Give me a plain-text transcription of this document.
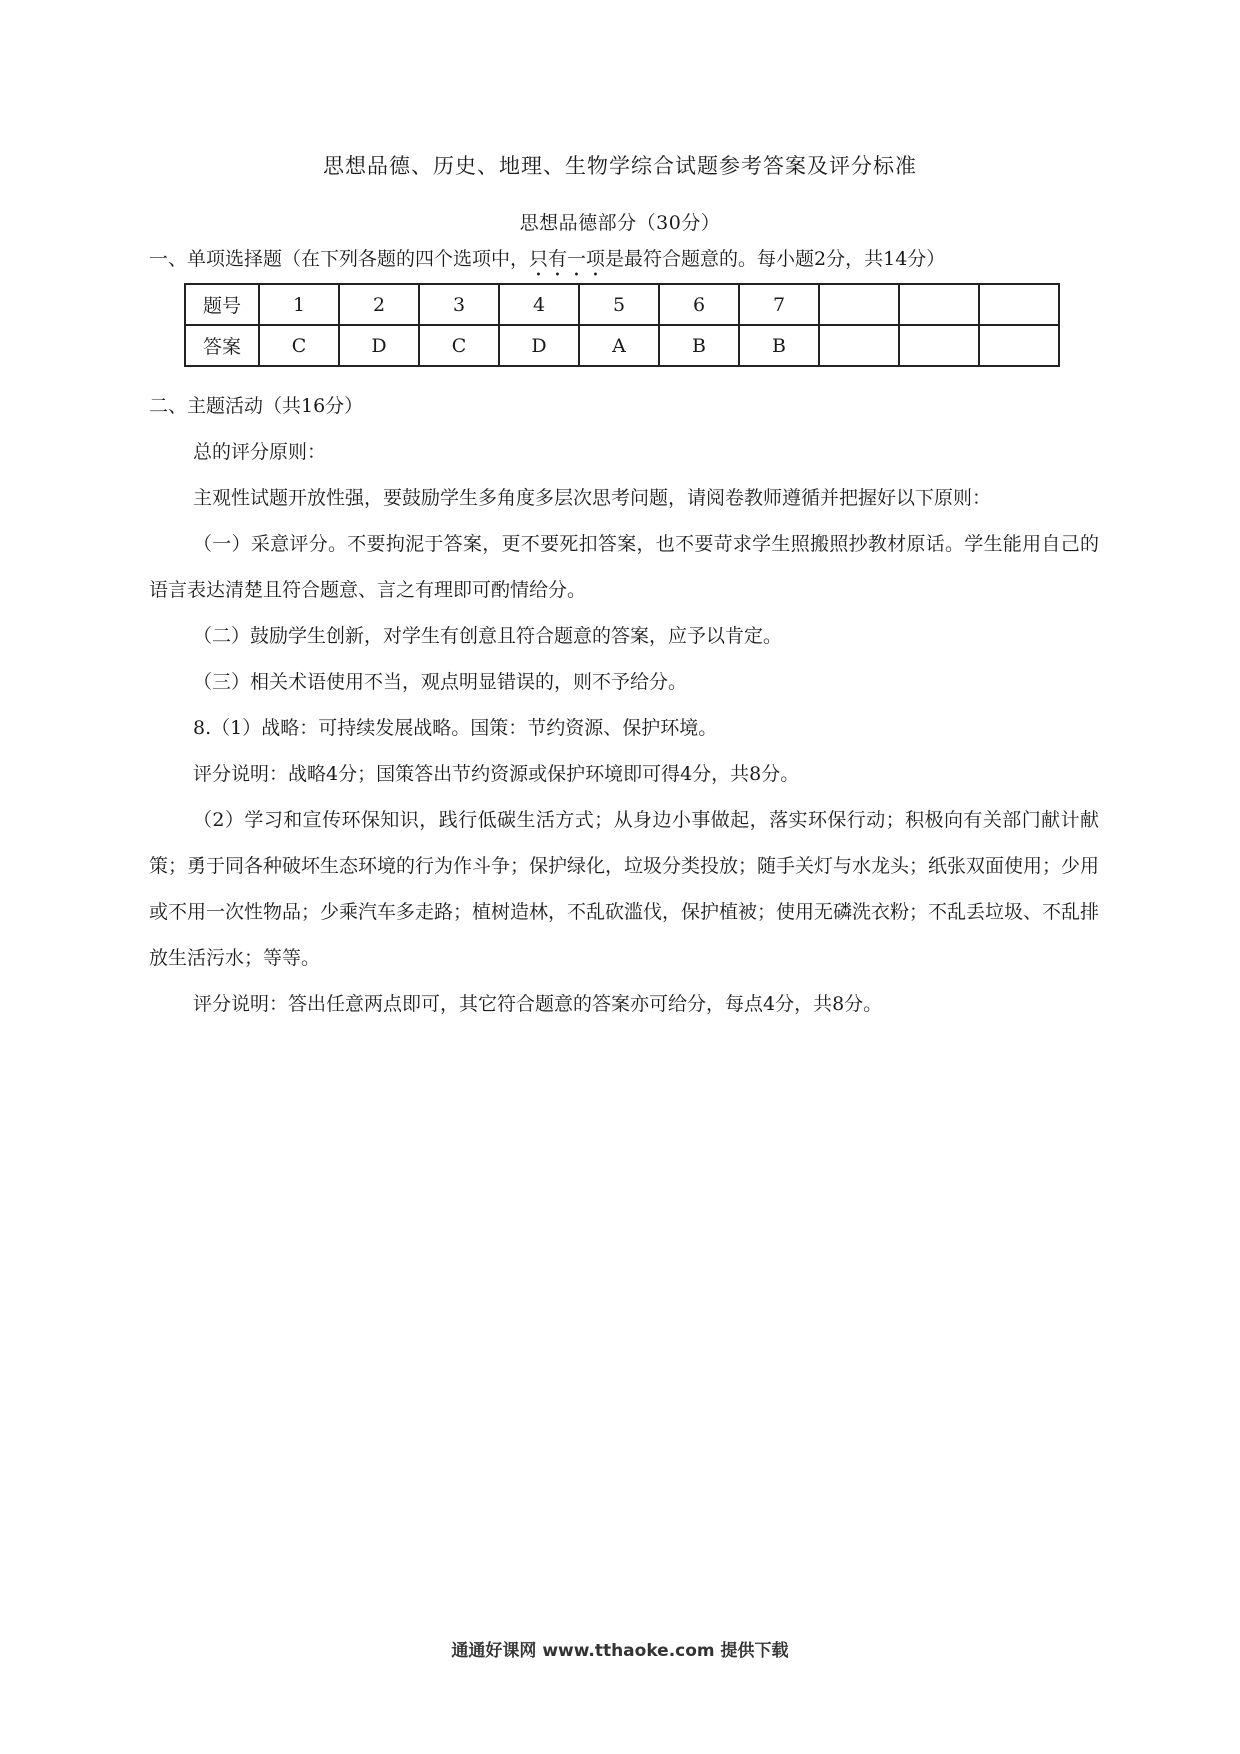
思想品德、历史、地理、生物学综合试题参考答案及评分标准
思想品德部分（30分）
一、单项选择题（在下列各题的四个选项中，只有一项是最符合题意的。每小题2分，共14分）
题号	1	2	3	4	5	6	7			
答案	C	D	C	D	A	B	B			

二、主题活动（共16分）

总的评分原则：

主观性试题开放性强，要鼓励学生多角度多层次思考问题，请阅卷教师遵循并把握好以下原则：

（一）采意评分。不要拘泥于答案，更不要死扣答案，也不要苛求学生照搬照抄教材原话。学生能用自己的语言表达清楚且符合题意、言之有理即可酌情给分。

（二）鼓励学生创新，对学生有创意且符合题意的答案，应予以肯定。

（三）相关术语使用不当，观点明显错误的，则不予给分。

8.（1）战略：可持续发展战略。国策：节约资源、保护环境。

评分说明：战略4分；国策答出节约资源或保护环境即可得4分，共8分。

（2）学习和宣传环保知识，践行低碳生活方式；从身边小事做起，落实环保行动；积极向有关部门献计献策；勇于同各种破坏生态环境的行为作斗争；保护绿化，垃圾分类投放；随手关灯与水龙头；纸张双面使用；少用或不用一次性物品；少乘汽车多走路；植树造林，不乱砍滥伐，保护植被；使用无磷洗衣粉；不乱丢垃圾、不乱排放生活污水；等等。

评分说明：答出任意两点即可，其它符合题意的答案亦可给分，每点4分，共8分。

通通好课网 www.tthaoke.com 提供下载
